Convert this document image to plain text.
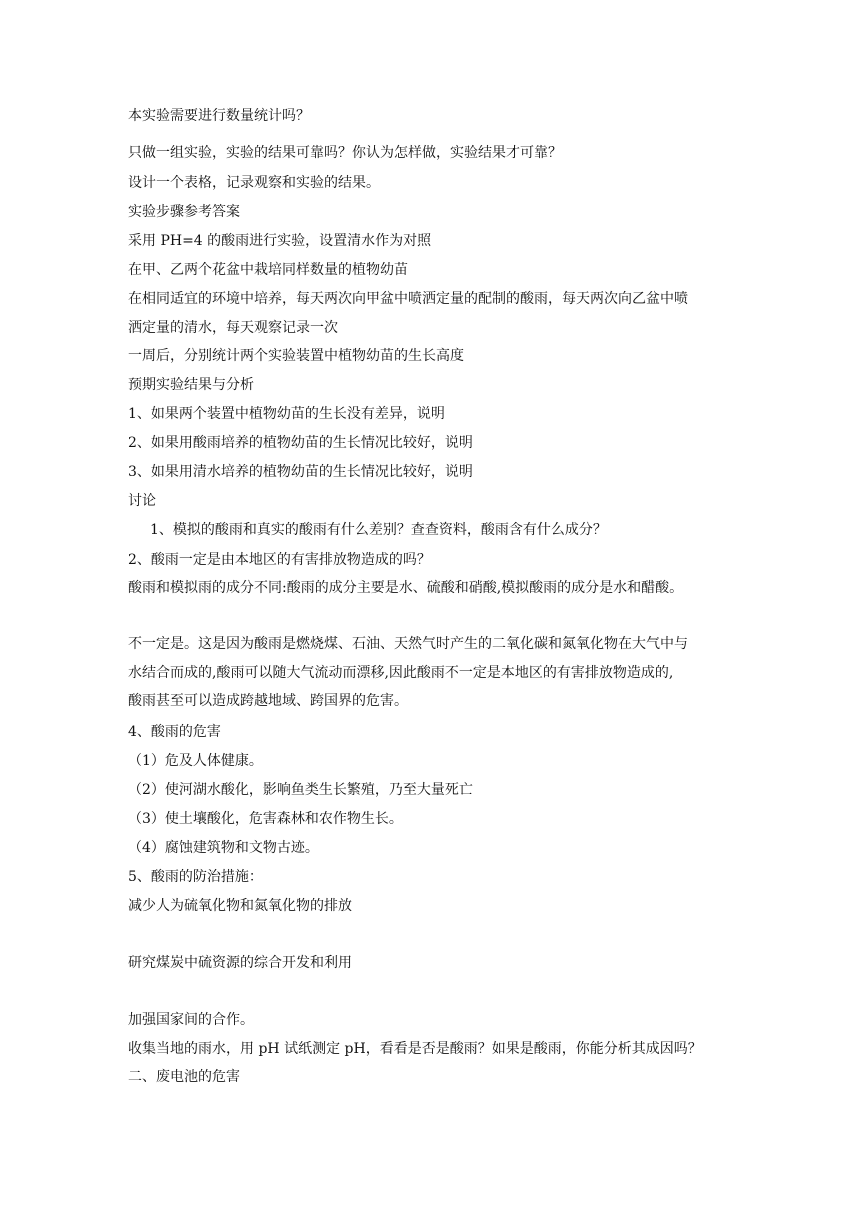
本实验需要进行数量统计吗？
只做一组实验，实验的结果可靠吗？你认为怎样做，实验结果才可靠？
设计一个表格，记录观察和实验的结果。
实验步骤参考答案
采用 PH=4 的酸雨进行实验，设置清水作为对照
在甲、乙两个花盆中栽培同样数量的植物幼苗
在相同适宜的环境中培养，每天两次向甲盆中喷洒定量的配制的酸雨，每天两次向乙盆中喷
洒定量的清水，每天观察记录一次
一周后，分别统计两个实验装置中植物幼苗的生长高度
预期实验结果与分析
1、如果两个装置中植物幼苗的生长没有差异，说明
2、如果用酸雨培养的植物幼苗的生长情况比较好，说明
3、如果用清水培养的植物幼苗的生长情况比较好，说明
讨论
1、模拟的酸雨和真实的酸雨有什么差别？查查资料，酸雨含有什么成分？
2、酸雨一定是由本地区的有害排放物造成的吗？
酸雨和模拟雨的成分不同:酸雨的成分主要是水、硫酸和硝酸,模拟酸雨的成分是水和醋酸。
不一定是。这是因为酸雨是燃烧煤、石油、天然气时产生的二氧化碳和氮氧化物在大气中与
水结合而成的,酸雨可以随大气流动而漂移,因此酸雨不一定是本地区的有害排放物造成的,
酸雨甚至可以造成跨越地域、跨国界的危害。
4、酸雨的危害
（1）危及人体健康。
（2）使河湖水酸化，影响鱼类生长繁殖，乃至大量死亡
（3）使土壤酸化，危害森林和农作物生长。
（4）腐蚀建筑物和文物古迹。
5、酸雨的防治措施：
减少人为硫氧化物和氮氧化物的排放
研究煤炭中硫资源的综合开发和利用
加强国家间的合作。
收集当地的雨水，用 pH 试纸测定 pH，看看是否是酸雨？如果是酸雨，你能分析其成因吗？
二、废电池的危害
